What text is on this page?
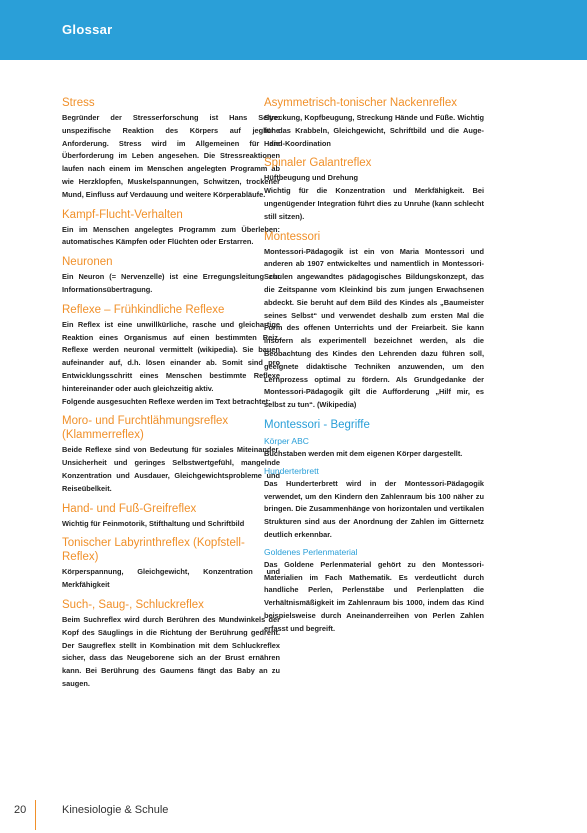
Glossar
Stress

Begründer der Stresserforschung ist Hans Selye: unspezifische Reaktion des Körpers auf jegliche Anforderung. Stress wird im Allgemeinen für die Überforderung im Leben angesehen. Die Stressreaktionen laufen nach einem im Menschen angelegten Programm ab wie Herzklopfen, Muskelspannungen, Schwitzen, trockener Mund, Einfluss auf Verdauung und weitere Körperabläufe.

Kampf-Flucht-Verhalten

Ein im Menschen angelegtes Programm zum Überleben: automatisches Kämpfen oder Flüchten oder Erstarren.

Neuronen

Ein Neuron (= Nervenzelle) ist eine Erregungsleitung zur Informationsübertragung.

Reflexe – Frühkindliche Reflexe

Ein Reflex ist eine unwillkürliche, rasche und gleichartige Reaktion eines Organismus auf einen bestimmten Reiz. Reflexe werden neuronal vermittelt (wikipedia). Sie bauen aufeinander auf, d.h. lösen einander ab. Somit sind pro Entwicklungsschritt eines Menschen bestimmte Reflexe hintereinander oder auch gleichzeitig aktiv.

Folgende ausgesuchten Reflexe werden im Text betrachtet:

Moro- und Furchtlähmungsreflex (Klammerreflex)

Beide Reflexe sind von Bedeutung für soziales Miteinander, Unsicherheit und geringes Selbstwertgefühl, mangelnde Konzentration und Ausdauer, Gleichgewichtsprobleme und Reiseübelkeit.

Hand- und Fuß-Greifreflex

Wichtig für Feinmotorik, Stifthaltung und Schriftbild

Tonischer Labyrinthreflex (Kopfstell-Reflex)

Körperspannung, Gleichgewicht, Konzentration und Merkfähigkeit

Such-, Saug-, Schluckreflex

Beim Suchreflex wird durch Berühren des Mundwinkels der Kopf des Säuglings in die Richtung der Berührung gedreht. Der Saugreflex stellt in Kombination mit dem Schluckreflex sicher, dass das Neugeborene sich an der Brust ernähren kann. Bei Berührung des Gaumens fängt das Baby an zu saugen.

Asymmetrisch-tonischer Nackenreflex

Streckung, Kopfbeugung, Streckung Hände und Füße. Wichtig für das Krabbeln, Gleichgewicht, Schriftbild und die Auge-Hand-Koordination

Spinaler Galantreflex

Hüftbeugung und Drehung

Wichtig für die Konzentration und Merkfähigkeit. Bei ungenügender Integration führt dies zu Unruhe (kann schlecht still sitzen).

Montessori

Montessori-Pädagogik ist ein von Maria Montessori und anderen ab 1907 entwickeltes und namentlich in Montessori-Schulen angewandtes pädagogisches Bildungskonzept, das die Zeitspanne vom Kleinkind bis zum jungen Erwachsenen abdeckt. Sie beruht auf dem Bild des Kindes als „Baumeister seines Selbst“ und verwendet deshalb zum ersten Mal die Form des offenen Unterrichts und der Freiarbeit. Sie kann insofern als experimentell bezeichnet werden, als die Beobachtung des Kindes den Lehrenden dazu führen soll, geeignete didaktische Techniken anzuwenden, um den Lernprozess optimal zu fördern. Als Grundgedanke der Montessori-Pädagogik gilt die Aufforderung „Hilf mir, es selbst zu tun“. (Wikipedia)

Montessori - Begriffe
Körper ABC

Buchstaben werden mit dem eigenen Körper dargestellt.

Hunderterbrett

Das Hunderterbrett wird in der Montessori-Pädagogik verwendet, um den Kindern den Zahlenraum bis 100 näher zu bringen. Die Zusammenhänge von horizontalen und vertikalen Strukturen sind aus der Anordnung der Zahlen im Gitternetz deutlich erkennbar.

Goldenes Perlenmaterial

Das Goldene Perlenmaterial gehört zu den Montessori-Materialien im Fach Mathematik. Es verdeutlicht durch handliche Perlen, Perlenstäbe und Perlenplatten die Verhältnismäßigkeit im Zahlenraum bis 1000, indem das Kind beispielsweise durch Aneinanderreihen von Perlen Zahlen erfasst und begreift.

20	Kinesiologie & Schule
